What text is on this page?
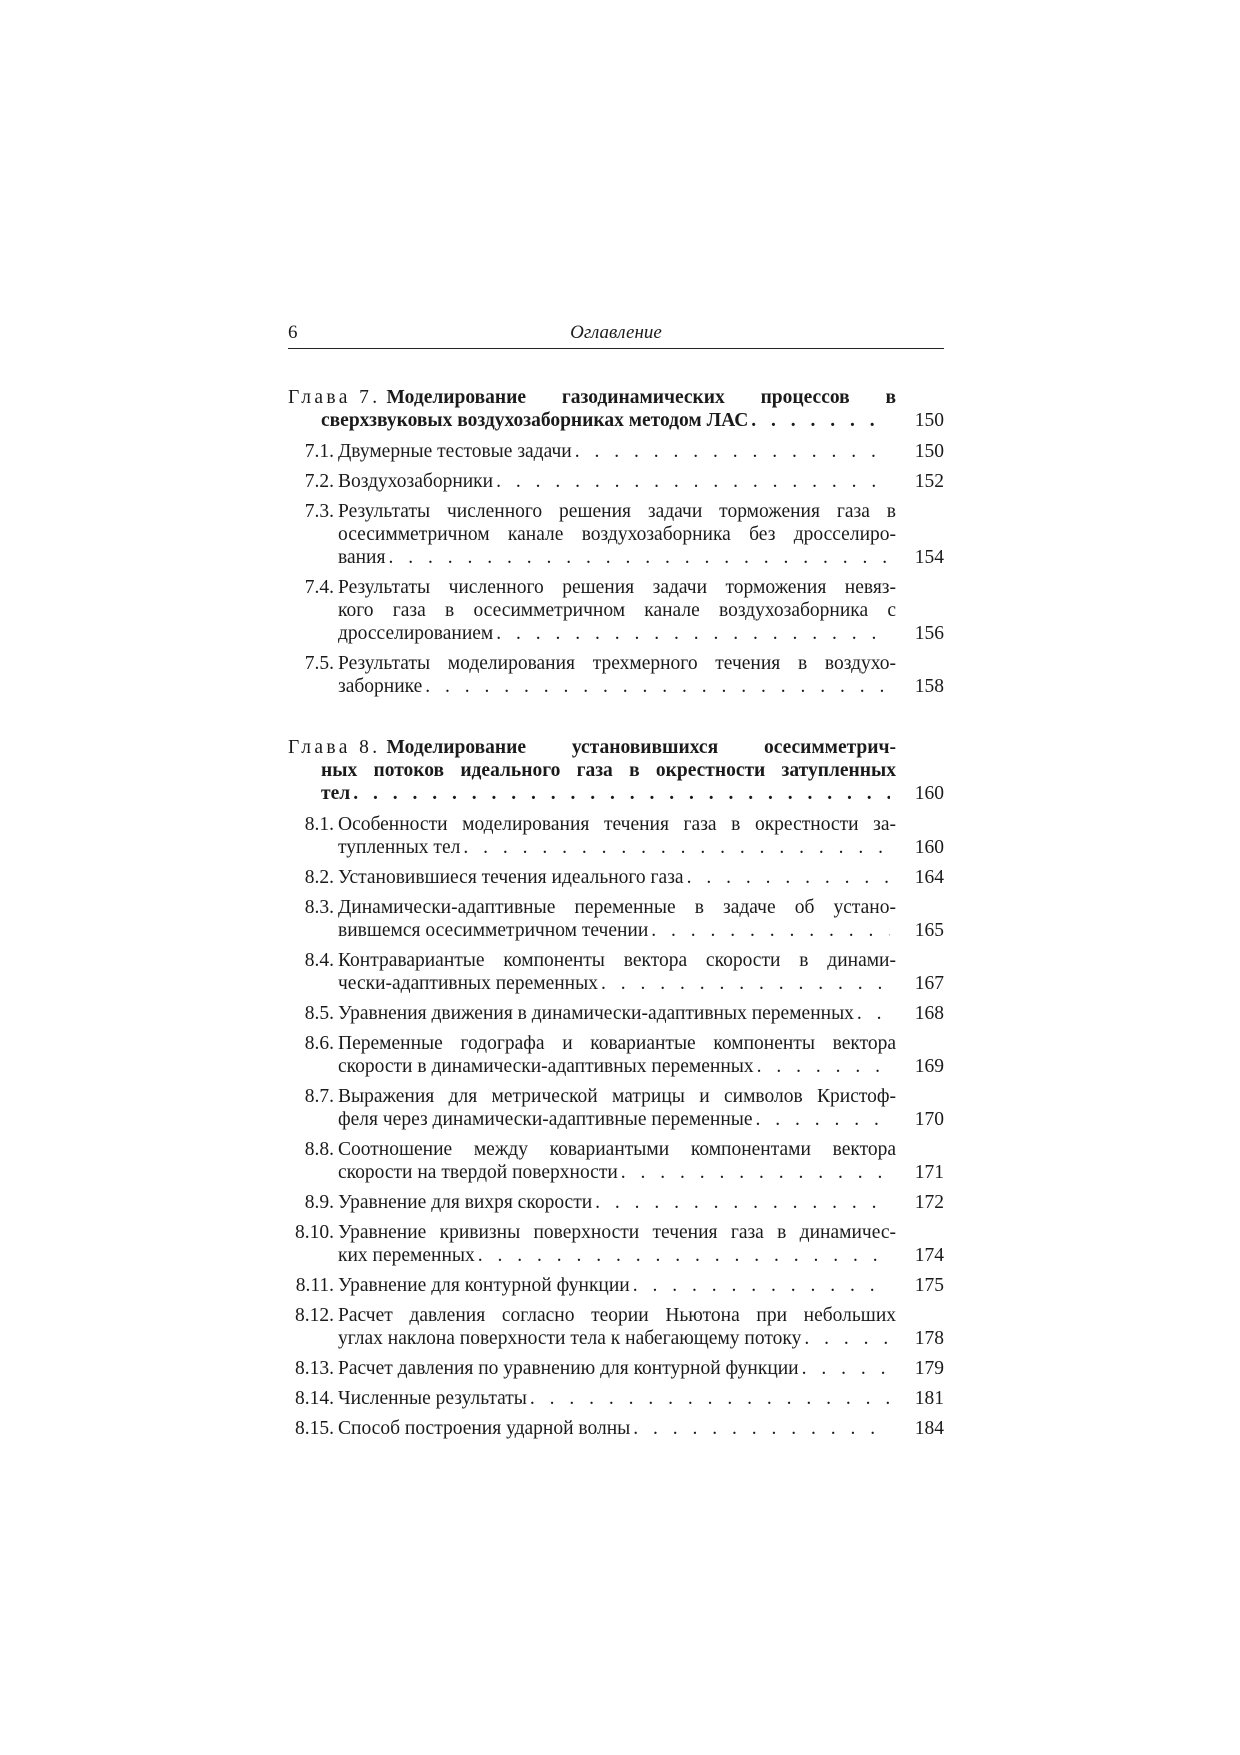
6	Оглавление
Глава 7. Моделирование газодинамических процессов в
сверхзвуковых воздухозаборниках методом ЛАС . . .	150
7.1. Двумерные тестовые задачи . . .	150
7.2. Воздухозаборники . . .	152
7.3. Результаты численного решения задачи торможения газа в
осесимметричном канале воздухозаборника без дросселиро-
вания . . .	154
7.4. Результаты численного решения задачи торможения невяз-
кого газа в осесимметричном канале воздухозаборника с
дросселированием . . .	156
7.5. Результаты моделирования трехмерного течения в воздухо-
заборнике . . .	158
Глава 8. Моделирование установившихся осесимметрич-
ных потоков идеального газа в окрестности затупленных
тел . . .	160
8.1. Особенности моделирования течения газа в окрестности за-
тупленных тел . . .	160
8.2. Установившиеся течения идеального газа . . .	164
8.3. Динамически-адаптивные переменные в задаче об устано-
вившемся осесимметричном течении . . .	165
8.4. Контравариантые компоненты вектора скорости в динами-
чески-адаптивных переменных . . .	167
8.5. Уравнения движения в динамически-адаптивных переменных . . .	168
8.6. Переменные годографа и ковариантые компоненты вектора
скорости в динамически-адаптивных переменных . . .	169
8.7. Выражения для метрической матрицы и символов Кристоф-
феля через динамически-адаптивные переменные . . .	170
8.8. Соотношение между ковариантыми компонентами вектора
скорости на твердой поверхности . . .	171
8.9. Уравнение для вихря скорости . . .	172
8.10. Уравнение кривизны поверхности течения газа в динамичес-
ких переменных . . .	174
8.11. Уравнение для контурной функции . . .	175
8.12. Расчет давления согласно теории Ньютона при небольших
углах наклона поверхности тела к набегающему потоку . . .	178
8.13. Расчет давления по уравнению для контурной функции . . .	179
8.14. Численные результаты . . .	181
8.15. Способ построения ударной волны . . .	184
